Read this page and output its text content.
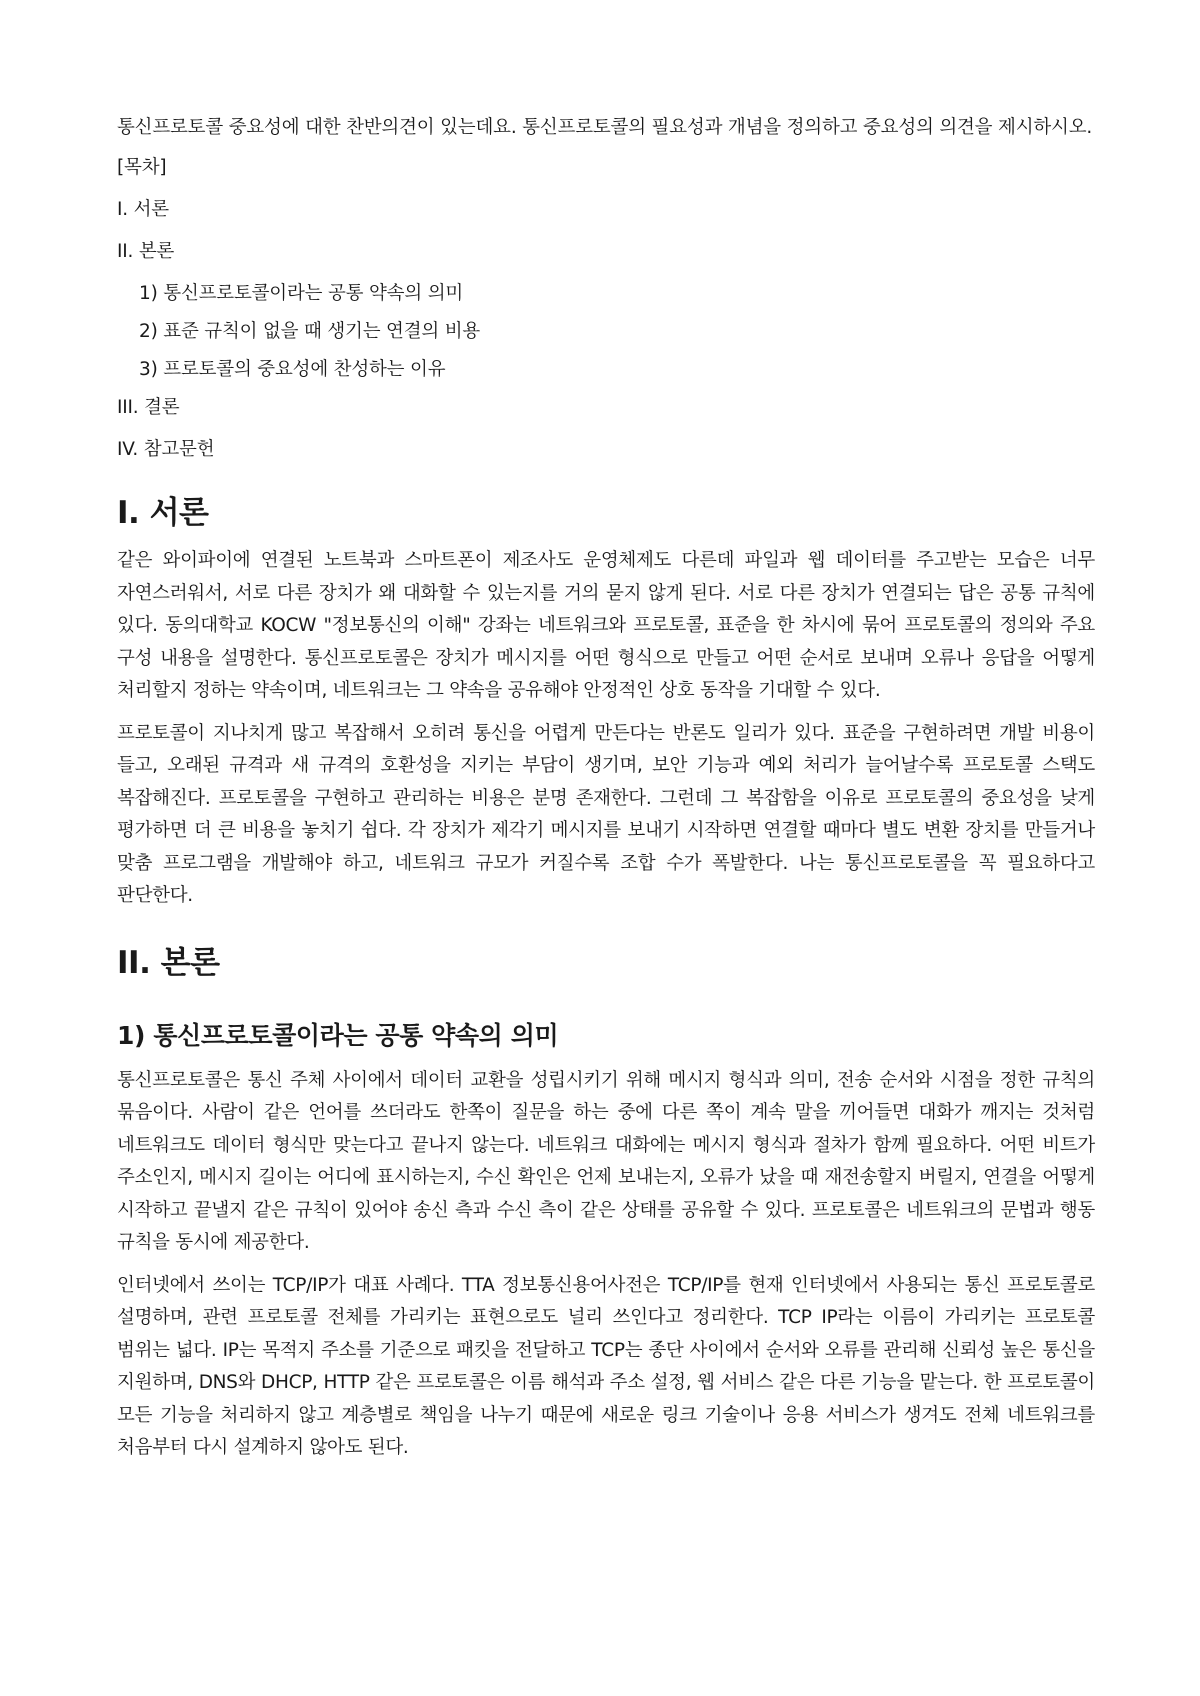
통신프로토콜 중요성에 대한 찬반의견이 있는데요. 통신프로토콜의 필요성과 개념을 정의하고 중요성의 의견을 제시하시오.

[목차]
I. 서론
II. 본론
1) 통신프로토콜이라는 공통 약속의 의미
2) 표준 규칙이 없을 때 생기는 연결의 비용
3) 프로토콜의 중요성에 찬성하는 이유
III. 결론
IV. 참고문헌
I. 서론

같은 와이파이에 연결된 노트북과 스마트폰이 제조사도 운영체제도 다른데 파일과 웹 데이터를 주고받는 모습은 너무 자연스러워서, 서로 다른 장치가 왜 대화할 수 있는지를 거의 묻지 않게 된다. 서로 다른 장치가 연결되는 답은 공통 규칙에 있다. 동의대학교 KOCW "정보통신의 이해" 강좌는 네트워크와 프로토콜, 표준을 한 차시에 묶어 프로토콜의 정의와 주요 구성 내용을 설명한다. 통신프로토콜은 장치가 메시지를 어떤 형식으로 만들고 어떤 순서로 보내며 오류나 응답을 어떻게 처리할지 정하는 약속이며, 네트워크는 그 약속을 공유해야 안정적인 상호 동작을 기대할 수 있다.

프로토콜이 지나치게 많고 복잡해서 오히려 통신을 어렵게 만든다는 반론도 일리가 있다. 표준을 구현하려면 개발 비용이 들고, 오래된 규격과 새 규격의 호환성을 지키는 부담이 생기며, 보안 기능과 예외 처리가 늘어날수록 프로토콜 스택도 복잡해진다. 프로토콜을 구현하고 관리하는 비용은 분명 존재한다. 그런데 그 복잡함을 이유로 프로토콜의 중요성을 낮게 평가하면 더 큰 비용을 놓치기 쉽다. 각 장치가 제각기 메시지를 보내기 시작하면 연결할 때마다 별도 변환 장치를 만들거나 맞춤 프로그램을 개발해야 하고, 네트워크 규모가 커질수록 조합 수가 폭발한다. 나는 통신프로토콜을 꼭 필요하다고 판단한다.

II. 본론
1) 통신프로토콜이라는 공통 약속의 의미

통신프로토콜은 통신 주체 사이에서 데이터 교환을 성립시키기 위해 메시지 형식과 의미, 전송 순서와 시점을 정한 규칙의 묶음이다. 사람이 같은 언어를 쓰더라도 한쪽이 질문을 하는 중에 다른 쪽이 계속 말을 끼어들면 대화가 깨지는 것처럼 네트워크도 데이터 형식만 맞는다고 끝나지 않는다. 네트워크 대화에는 메시지 형식과 절차가 함께 필요하다. 어떤 비트가 주소인지, 메시지 길이는 어디에 표시하는지, 수신 확인은 언제 보내는지, 오류가 났을 때 재전송할지 버릴지, 연결을 어떻게 시작하고 끝낼지 같은 규칙이 있어야 송신 측과 수신 측이 같은 상태를 공유할 수 있다. 프로토콜은 네트워크의 문법과 행동 규칙을 동시에 제공한다.

인터넷에서 쓰이는 TCP/IP가 대표 사례다. TTA 정보통신용어사전은 TCP/IP를 현재 인터넷에서 사용되는 통신 프로토콜로 설명하며, 관련 프로토콜 전체를 가리키는 표현으로도 널리 쓰인다고 정리한다. TCP IP라는 이름이 가리키는 프로토콜 범위는 넓다. IP는 목적지 주소를 기준으로 패킷을 전달하고 TCP는 종단 사이에서 순서와 오류를 관리해 신뢰성 높은 통신을 지원하며, DNS와 DHCP, HTTP 같은 프로토콜은 이름 해석과 주소 설정, 웹 서비스 같은 다른 기능을 맡는다. 한 프로토콜이 모든 기능을 처리하지 않고 계층별로 책임을 나누기 때문에 새로운 링크 기술이나 응용 서비스가 생겨도 전체 네트워크를 처음부터 다시 설계하지 않아도 된다.
